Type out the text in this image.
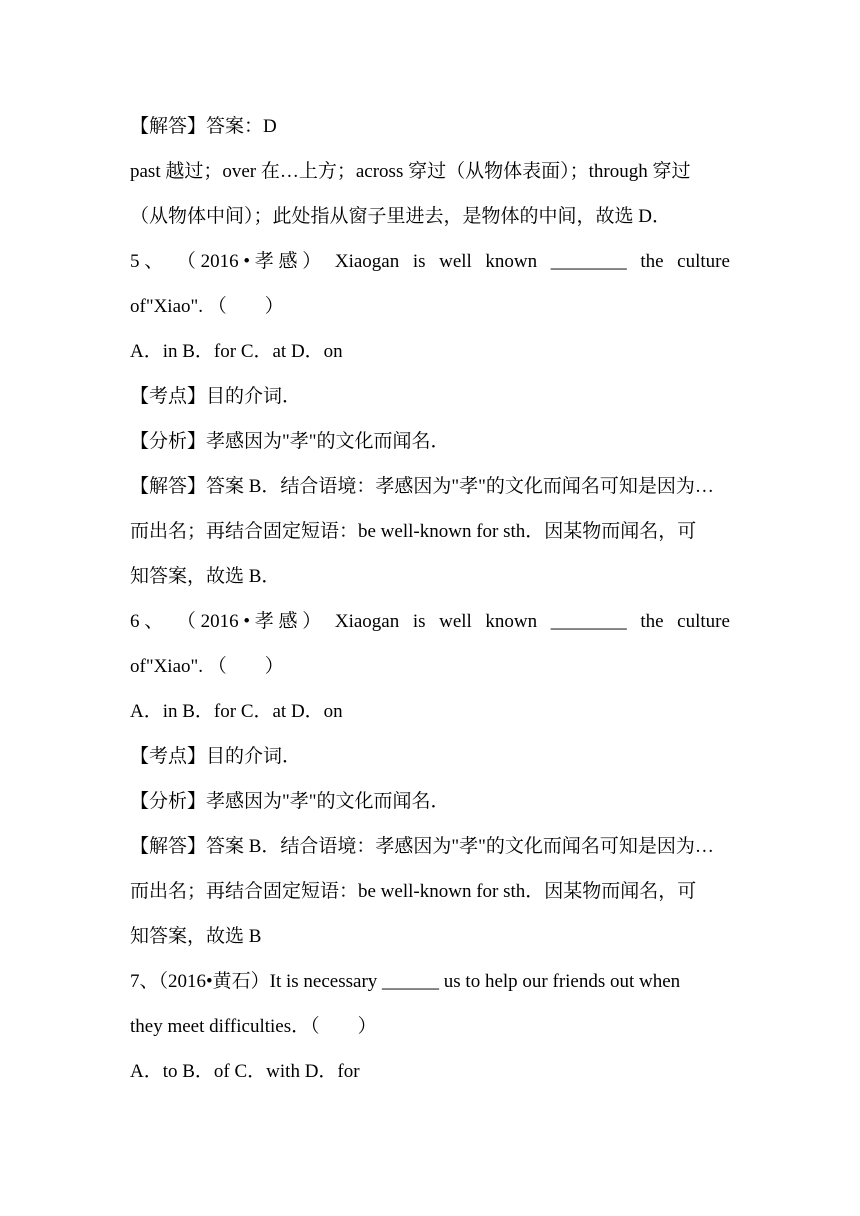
【解答】答案：D
past 越过；over 在…上方；across 穿过（从物体表面）；through 穿过
（从物体中间）；此处指从窗子里进去，是物体的中间，故选 D．
5 、 （ 2016 • 孝 感 ） Xiaogan is well known ________ the culture
of"Xiao". （　　）
A．in B．for C．at D．on
【考点】目的介词．
【分析】孝感因为"孝"的文化而闻名．
【解答】答案 B．结合语境：孝感因为"孝"的文化而闻名可知是因为…
而出名；再结合固定短语：be well-known for sth．因某物而闻名，可
知答案，故选 B．
6 、 （ 2016 • 孝 感 ） Xiaogan is well known ________ the culture
of"Xiao". （　　）
A．in B．for C．at D．on
【考点】目的介词．
【分析】孝感因为"孝"的文化而闻名．
【解答】答案 B．结合语境：孝感因为"孝"的文化而闻名可知是因为…
而出名；再结合固定短语：be well-known for sth．因某物而闻名，可
知答案，故选 B
7、（2016•黄石）It is necessary ______ us to help our friends out when
they meet difficulties．（　　）
A．to B．of C．with D．for
